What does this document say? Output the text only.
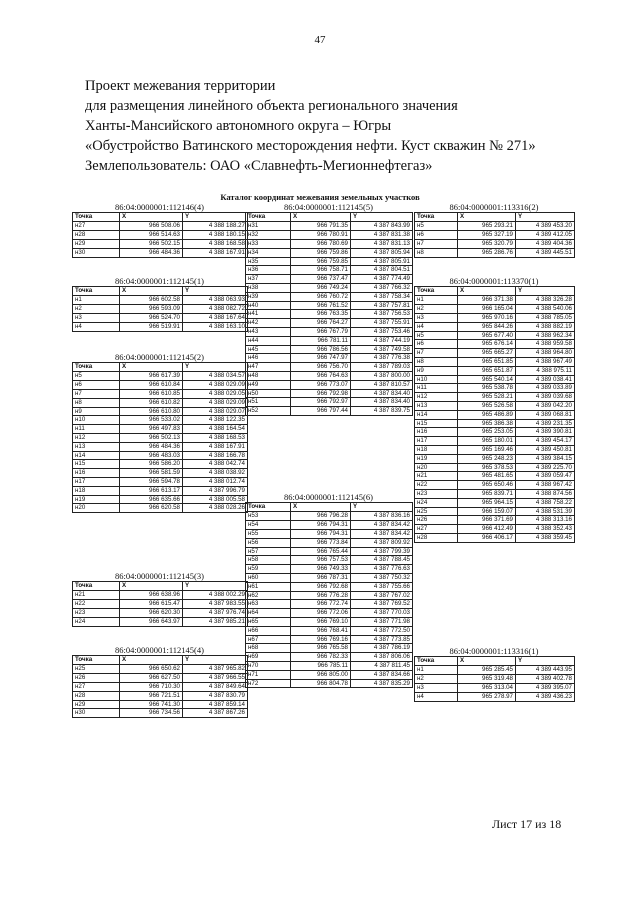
47
Проект межевания территории
для размещения линейного объекта регионального значения
Ханты-Мансийского автономного округа – Югры
«Обустройство Ватинского месторождения нефти. Куст скважин № 271»
Землепользователь: ОАО «Славнефть-Мегионнефтегаз»
Каталог координат межевания земельных участков
86:04:0000001:112146(4)
Точка	X	Y
н27	966 508.06	4 388 188.27
н28	966 514.63	4 388 180.15
н29	966 502.15	4 388 168.58
н30	966 484.36	4 388 167.91
86:04:0000001:112145(1)
Точка	X	Y
н1	966 602.58	4 388 063.93
н2	966 593.09	4 388 082.72
н3	966 524.70	4 388 167.64
н4	966 519.91	4 388 163.10
86:04:0000001:112145(2)
Точка	X	Y
н5	966 617.39	4 388 034.57
н6	966 610.84	4 388 029.09
н7	966 610.85	4 388 029.05
н8	966 610.82	4 388 029.09
н9	966 610.80	4 388 029.07
н10	966 533.02	4 388 122.35
н11	966 497.83	4 388 164.54
н12	966 502.13	4 388 168.53
н13	966 484.36	4 388 167.91
н14	966 483.03	4 388 166.78
н15	966 586.20	4 388 042.74
н16	966 581.59	4 388 038.92
н17	966 594.78	4 388 012.74
н18	966 613.17	4 387 996.79
н19	966 635.66	4 388 005.58
н20	966 620.58	4 388 028.26
86:04:0000001:112145(3)
Точка	X	Y
н21	966 638.96	4 388 002.29
н22	966 615.47	4 387 983.55
н23	966 620.30	4 387 976.74
н24	966 643.97	4 387 985.21
86:04:0000001:112145(4)
Точка	X	Y
н25	966 650.62	4 387 965.82
н26	966 627.50	4 387 966.55
н27	966 710.30	4 387 849.64
н28	966 721.51	4 387 830.79
н29	966 741.30	4 387 859.14
н30	966 734.56	4 387 867.26
86:04:0000001:112145(5)
Точка	X	Y
н31	966 791.35	4 387 843.99
н32	966 780.91	4 387 831.38
н33	966 780.69	4 387 831.13
н34	966 759.86	4 387 805.94
н35	966 759.85	4 387 805.91
н36	966 758.71	4 387 804.51
н37	966 737.47	4 387 774.49
н38	966 749.24	4 387 766.32
н39	966 760.72	4 387 758.34
н40	966 761.52	4 387 757.81
н41	966 763.35	4 387 756.53
н42	966 764.27	4 387 755.91
н43	966 767.79	4 387 753.46
н44	966 781.11	4 387 744.19
н45	966 786.56	4 387 749.58
н46	966 747.97	4 387 776.38
н47	966 756.70	4 387 789.03
н48	966 764.63	4 387 800.00
н49	966 773.07	4 387 810.57
н50	966 792.98	4 387 834.40
н51	966 792.97	4 387 834.40
н52	966 797.44	4 387 839.75
86:04:0000001:112145(6)
Точка	X	Y
н53	966 796.28	4 387 836.16
н54	966 794.31	4 387 834.42
н55	966 794.31	4 387 834.42
н56	966 773.84	4 387 809.92
н57	966 765.44	4 387 799.39
н58	966 757.53	4 387 788.45
н59	966 749.33	4 387 776.63
н60	966 787.31	4 387 750.32
н61	966 792.68	4 387 755.66
н62	966 776.28	4 387 767.02
н63	966 772.74	4 387 769.52
н64	966 772.06	4 387 770.03
н65	966 769.10	4 387 771.98
н66	966 768.41	4 387 772.50
н67	966 769.16	4 387 773.85
н68	966 765.58	4 387 786.19
н69	966 782.33	4 387 806.06
н70	966 785.11	4 387 811.45
н71	966 805.00	4 387 834.66
н72	966 804.78	4 387 835.29
86:04:0000001:113316(2)
Точка	X	Y
н5	965 293.21	4 389 453.20
н6	965 327.19	4 389 412.05
н7	965 320.79	4 389 404.36
н8	965 286.76	4 389 445.51
86:04:0000001:113370(1)
Точка	X	Y
н1	966 371.38	4 388 326.28
н2	966 165.04	4 388 540.06
н3	965 970.16	4 388 785.05
н4	965 844.26	4 388 882.19
н5	965 677.40	4 388 962.34
н6	965 676.14	4 388 959.58
н7	965 665.27	4 388 964.80
н8	965 651.85	4 388 967.49
н9	965 651.87	4 388 975.11
н10	965 540.14	4 389 038.41
н11	965 538.78	4 389 033.89
н12	965 528.21	4 389 039.68
н13	965 526.58	4 389 042.20
н14	965 486.89	4 389 068.81
н15	965 386.38	4 389 231.35
н16	965 253.05	4 389 390.81
н17	965 180.01	4 389 454.17
н18	965 169.46	4 389 450.81
н19	965 248.23	4 389 384.15
н20	965 378.53	4 389 225.70
н21	965 481.65	4 389 059.47
н22	965 650.46	4 388 967.42
н23	965 839.71	4 388 874.56
н24	965 964.15	4 388 758.22
н25	966 159.07	4 388 531.39
н26	966 371.69	4 388 313.16
н27	966 412.49	4 388 352.43
н28	966 406.17	4 388 359.45
86:04:0000001:113316(1)
Точка	X	Y
н1	965 285.45	4 389 443.95
н2	965 319.48	4 389 402.78
н3	965 313.04	4 389 395.07
н4	965 278.97	4 389 436.23
Лист 17 из 18
